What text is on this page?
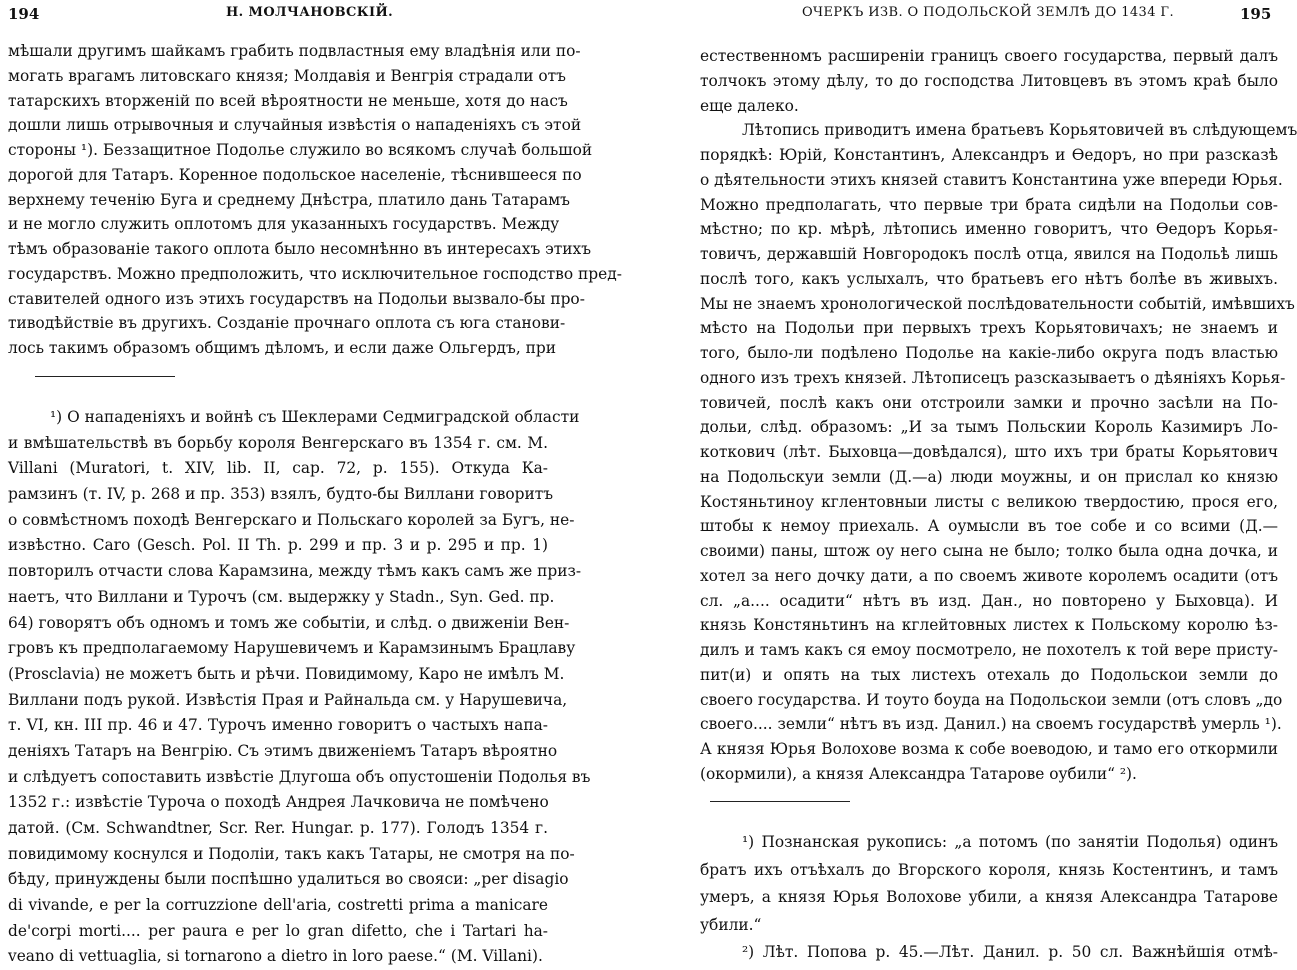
194	Н. МОЛЧАНОВСКІЙ.
мѣшали другимъ шайкамъ грабить подвластныя ему владѣнія или по-
могать врагамъ литовскаго князя; Молдавія и Венгрія страдали отъ
татарскихъ вторженій по всей вѣроятности не меньше, хотя до насъ
дошли лишь отрывочныя и случайныя извѣстія о нападеніяхъ съ этой
стороны ¹). Беззащитное Подолье служило во всякомъ случаѣ большой
дорогой для Татаръ. Коренное подольское населеніе, тѣснившееся по
верхнему теченію Буга и среднему Днѣстра, платило дань Татарамъ
и не могло служить оплотомъ для указанныхъ государствъ. Между
тѣмъ образованіе такого оплота было несомнѣнно въ интересахъ этихъ
государствъ. Можно предположить, что исключительное господство пред-
ставителей одного изъ этихъ государствъ на Подольи вызвало-бы про-
тиводѣйствіе въ другихъ. Созданіе прочнаго оплота съ юга станови-
лось такимъ образомъ общимъ дѣломъ, и если даже Ольгердъ, при
¹) О нападеніяхъ и войнѣ съ Шеклерами Седмиградской области
и вмѣшательствѣ въ борьбу короля Венгерскаго въ 1354 г. см. M.
Villani (Muratori, t. XIV, lib. II, cap. 72, p. 155). Откуда Ка-
рамзинъ (т. IV, р. 268 и пр. 353) взялъ, будто-бы Виллани говоритъ
о совмѣстномъ походѣ Венгерскаго и Польскаго королей за Бугъ, не-
извѣстно. Caro (Gesch. Pol. II Th. p. 299 и пр. 3 и р. 295 и пр. 1)
повторилъ отчасти слова Карамзина, между тѣмъ какъ самъ же приз-
наетъ, что Виллани и Турочъ (см. выдержку у Stadn., Syn. Ged. пр.
64) говорятъ объ одномъ и томъ же событіи, и слѣд. о движеніи Вен-
гровъ къ предполагаемому Нарушевичемъ и Карамзинымъ Брацлаву
(Prosclavia) не можетъ быть и рѣчи. Повидимому, Каро не имѣлъ M.
Виллани подъ рукой. Извѣстія Прая и Райнальда см. у Нарушевича,
т. VI, кн. III пр. 46 и 47. Турочъ именно говоритъ о частыхъ напа-
деніяхъ Татаръ на Венгрію. Съ этимъ движеніемъ Татаръ вѣроятно
и слѣдуетъ сопоставить извѣстіе Длугоша объ опустошеніи Подолья въ
1352 г.: извѣстіе Туроча о походѣ Андрея Лачковича не помѣчено
датой. (См. Schwandtner, Scr. Rer. Hungar. p. 177). Голодъ 1354 г.
повидимому коснулся и Подоліи, такъ какъ Татары, не смотря на по-
бѣду, принуждены были поспѣшно удалиться во свояси: „per disagio
di vivande, e per la corruzzione dell'aria, costretti prima a manicare
de'corpi morti.... per paura e per lo gran difetto, che i Tartari ha-
veano di vettuaglia, si tornarono a dietro in loro paese.“ (M. Villani).
ОЧЕРКЪ ИЗВ. О ПОДОЛЬСКОЙ ЗЕМЛѢ ДО 1434 Г.	195
естественномъ расширеніи границъ своего государства, первый далъ
толчокъ этому дѣлу, то до господства Литовцевъ въ этомъ краѣ было
еще далеко.
Лѣтопись приводитъ имена братьевъ Корьятовичей въ слѣдующемъ
порядкѣ: Юрій, Константинъ, Александръ и Ѳедоръ, но при разсказѣ
о дѣятельности этихъ князей ставитъ Константина уже впереди Юрья.
Можно предполагать, что первые три брата сидѣли на Подольи сов-
мѣстно; по кр. мѣрѣ, лѣтопись именно говоритъ, что Ѳедоръ Корья-
товичъ, державшій Новгородокъ послѣ отца, явился на Подольѣ лишь
послѣ того, какъ услыхалъ, что братьевъ его нѣтъ болѣе въ живыхъ.
Мы не знаемъ хронологической послѣдовательности событій, имѣвшихъ
мѣсто на Подольи при первыхъ трехъ Корьятовичахъ; не знаемъ и
того, было-ли подѣлено Подолье на какіе-либо округа подъ властью
одного изъ трехъ князей. Лѣтописецъ разсказываетъ о дѣяніяхъ Корья-
товичей, послѣ какъ они отстроили замки и прочно засѣли на По-
дольи, слѣд. образомъ: „И за тымъ Польскии Король Казимиръ Ло-
коткович (лѣт. Быховца—довѣдался), што ихъ три браты Корьятович
на Подольскуи земли (Д.—а) люди моужны, и он прислал ко князю
Костяньтиноу кглентовныи листы с великою твердостию, прося его,
штобы к немоу приехаль. А оумысли въ тое собе и со всими (Д.—
своими) паны, штож оу него сына не было; толко была одна дочка, и
хотел за него дочку дати, а по своемъ животе королемъ осадити (отъ
сл. „а.... осадити“ нѣтъ въ изд. Дан., но повторено у Быховца). И
князь Констяньтинъ на кглейтовных листех к Польскому королю ѣз-
дилъ и тамъ какъ ся емоу посмотрело, не похотелъ к той вере присту-
пит(и) и опять на тых листехъ отехаль до Подольскои земли до
своего государства. И тоуто боуда на Подольскои земли (отъ словъ „до
своего.... земли“ нѣтъ въ изд. Данил.) на своемъ государствѣ умерль ¹).
А князя Юрья Волохове возма к собе воеводою, и тамо его откормили
(окормили), а князя Александра Татарове оубили“ ²).
¹) Познанская рукопись: „а потомъ (по занятіи Подолья) одинъ
братъ ихъ отъѣхалъ до Вгорского короля, князь Костентинъ, и тамъ
умеръ, а князя Юрья Волохове убили, а князя Александра Татарове
убили.“
²) Лѣт. Попова р. 45.—Лѣт. Данил. р. 50 сл. Важнѣйшія отмѣ-
